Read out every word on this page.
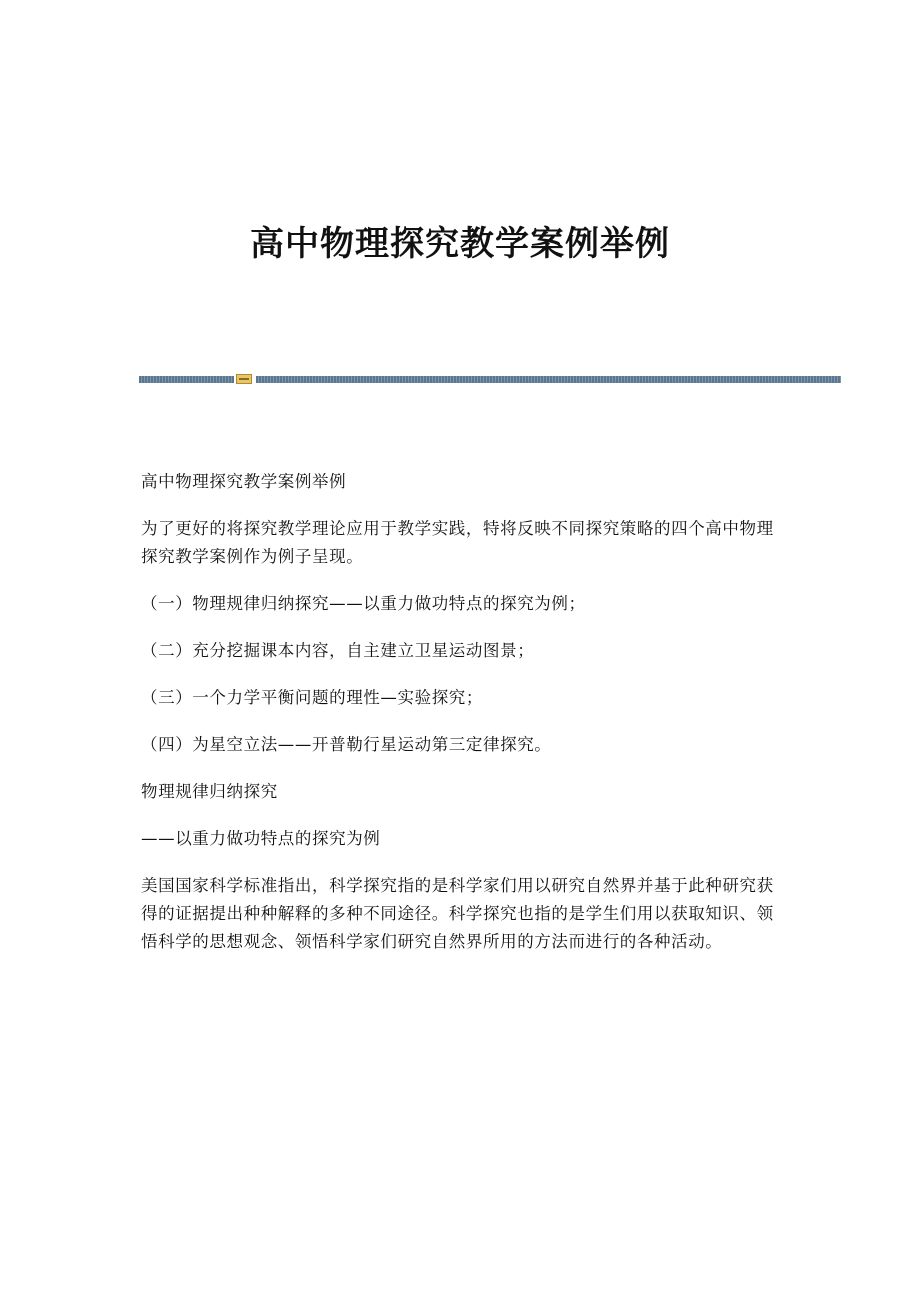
高中物理探究教学案例举例

高中物理探究教学案例举例

为了更好的将探究教学理论应用于教学实践，特将反映不同探究策略的四个高中物理探究教学案例作为例子呈现。

（一）物理规律归纳探究——以重力做功特点的探究为例；

（二）充分挖掘课本内容，自主建立卫星运动图景；

（三）一个力学平衡问题的理性—实验探究；

（四）为星空立法——开普勒行星运动第三定律探究。

物理规律归纳探究

——以重力做功特点的探究为例

美国国家科学标准指出，科学探究指的是科学家们用以研究自然界并基于此种研究获得的证据提出种种解释的多种不同途径。科学探究也指的是学生们用以获取知识、领悟科学的思想观念、领悟科学家们研究自然界所用的方法而进行的各种活动。
